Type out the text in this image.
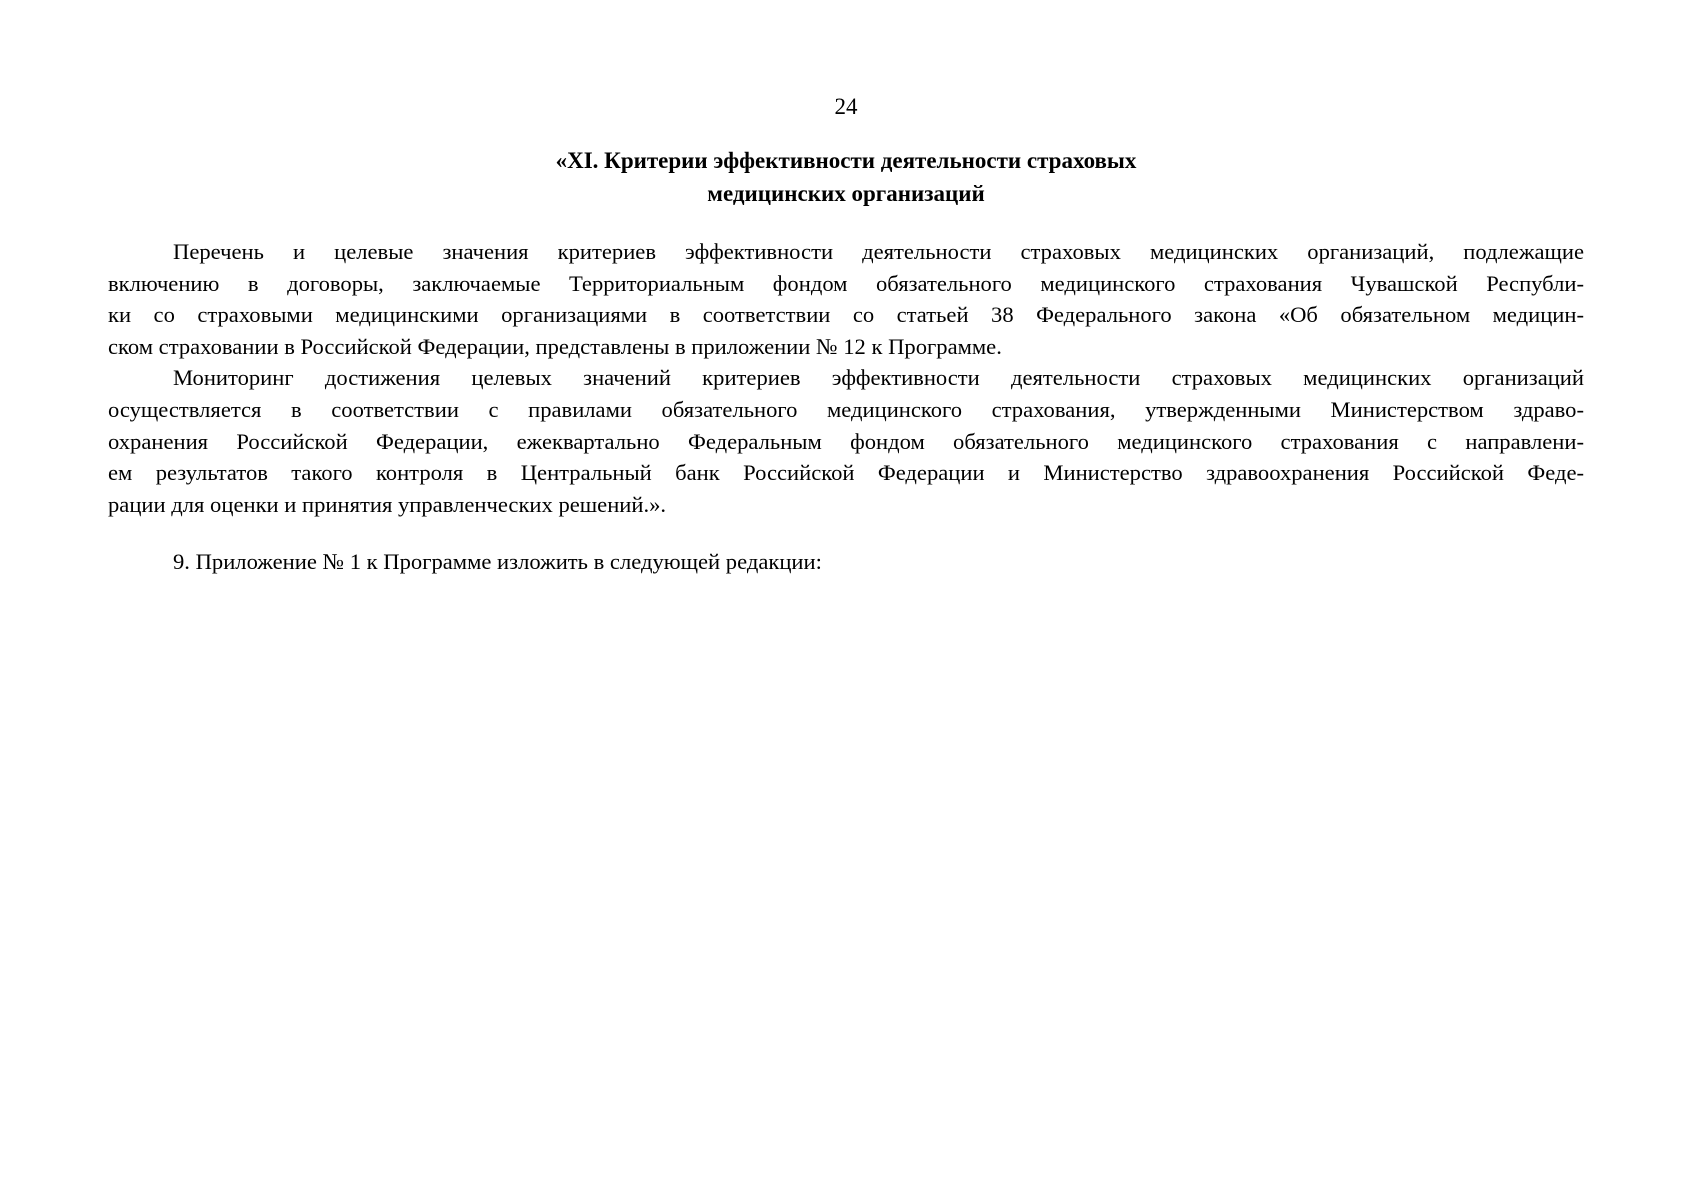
24
«XI. Критерии эффективности деятельности страховых
медицинских организаций
Перечень и целевые значения критериев эффективности деятельности страховых медицинских организаций, подлежащие
включению в договоры, заключаемые Территориальным фондом обязательного медицинского страхования Чувашской Республи-
ки со страховыми медицинскими организациями в соответствии со статьей 38 Федерального закона «Об обязательном медицин-
ском страховании в Российской Федерации, представлены в приложении № 12 к Программе.
Мониторинг достижения целевых значений критериев эффективности деятельности страховых медицинских организаций
осуществляется в соответствии с правилами обязательного медицинского страхования, утвержденными Министерством здраво-
охранения Российской Федерации, ежеквартально Федеральным фондом обязательного медицинского страхования с направлени-
ем результатов такого контроля в Центральный банк Российской Федерации и Министерство здравоохранения Российской Феде-
рации для оценки и принятия управленческих решений.».
9. Приложение № 1 к Программе изложить в следующей редакции:
